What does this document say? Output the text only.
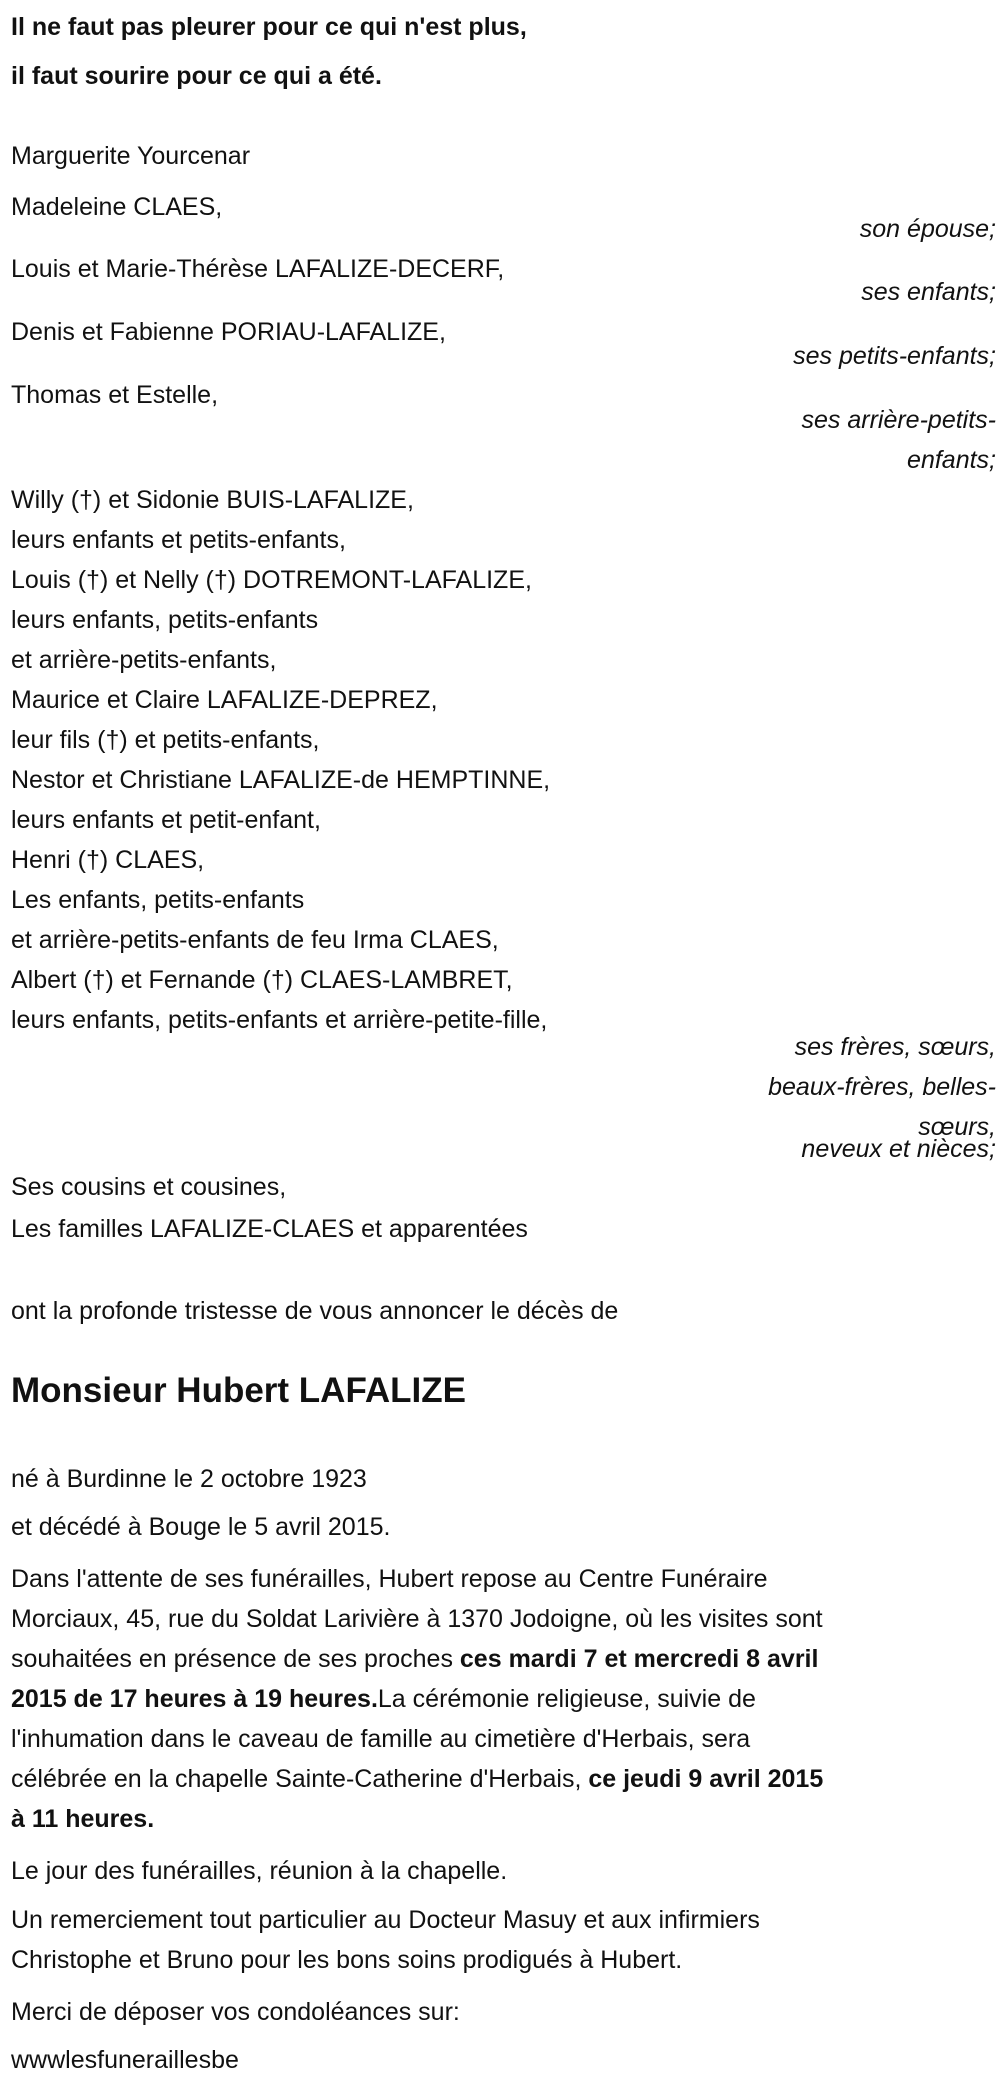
Il ne faut pas pleurer pour ce qui n'est plus,
il faut sourire pour ce qui a été.
Marguerite Yourcenar
Madeleine CLAES,
son épouse;
Louis et Marie-Thérèse LAFALIZE-DECERF,
ses enfants;
Denis et Fabienne PORIAU-LAFALIZE,
ses petits-enfants;
Thomas et Estelle,
ses arrière-petits-
enfants;
Willy (†) et Sidonie BUIS-LAFALIZE,
leurs enfants et petits-enfants,
Louis (†) et Nelly (†) DOTREMONT-LAFALIZE,
leurs enfants, petits-enfants
et arrière-petits-enfants,
Maurice et Claire LAFALIZE-DEPREZ,
leur fils (†) et petits-enfants,
Nestor et Christiane LAFALIZE-de HEMPTINNE,
leurs enfants et petit-enfant,
Henri (†) CLAES,
Les enfants, petits-enfants
et arrière-petits-enfants de feu Irma CLAES,
Albert (†) et Fernande (†) CLAES-LAMBRET,
leurs enfants, petits-enfants et arrière-petite-fille,
ses frères, sœurs,
beaux-frères, belles-
sœurs,
neveux et nièces;
Ses cousins et cousines,
Les familles LAFALIZE-CLAES et apparentées
ont la profonde tristesse de vous annoncer le décès de
Monsieur Hubert LAFALIZE
né à Burdinne le 2 octobre 1923
et décédé à Bouge le 5 avril 2015.
Dans l'attente de ses funérailles, Hubert repose au Centre Funéraire
Morciaux, 45, rue du Soldat Larivière à 1370 Jodoigne, où les visites sont
souhaitées en présence de ses proches ces mardi 7 et mercredi 8 avril
2015 de 17 heures à 19 heures.La cérémonie religieuse, suivie de
l'inhumation dans le caveau de famille au cimetière d'Herbais, sera
célébrée en la chapelle Sainte-Catherine d'Herbais, ce jeudi 9 avril 2015
à 11 heures.
Le jour des funérailles, réunion à la chapelle.
Un remerciement tout particulier au Docteur Masuy et aux infirmiers
Christophe et Bruno pour les bons soins prodigués à Hubert.
Merci de déposer vos condoléances sur:
wwwlesfuneraillesbe
